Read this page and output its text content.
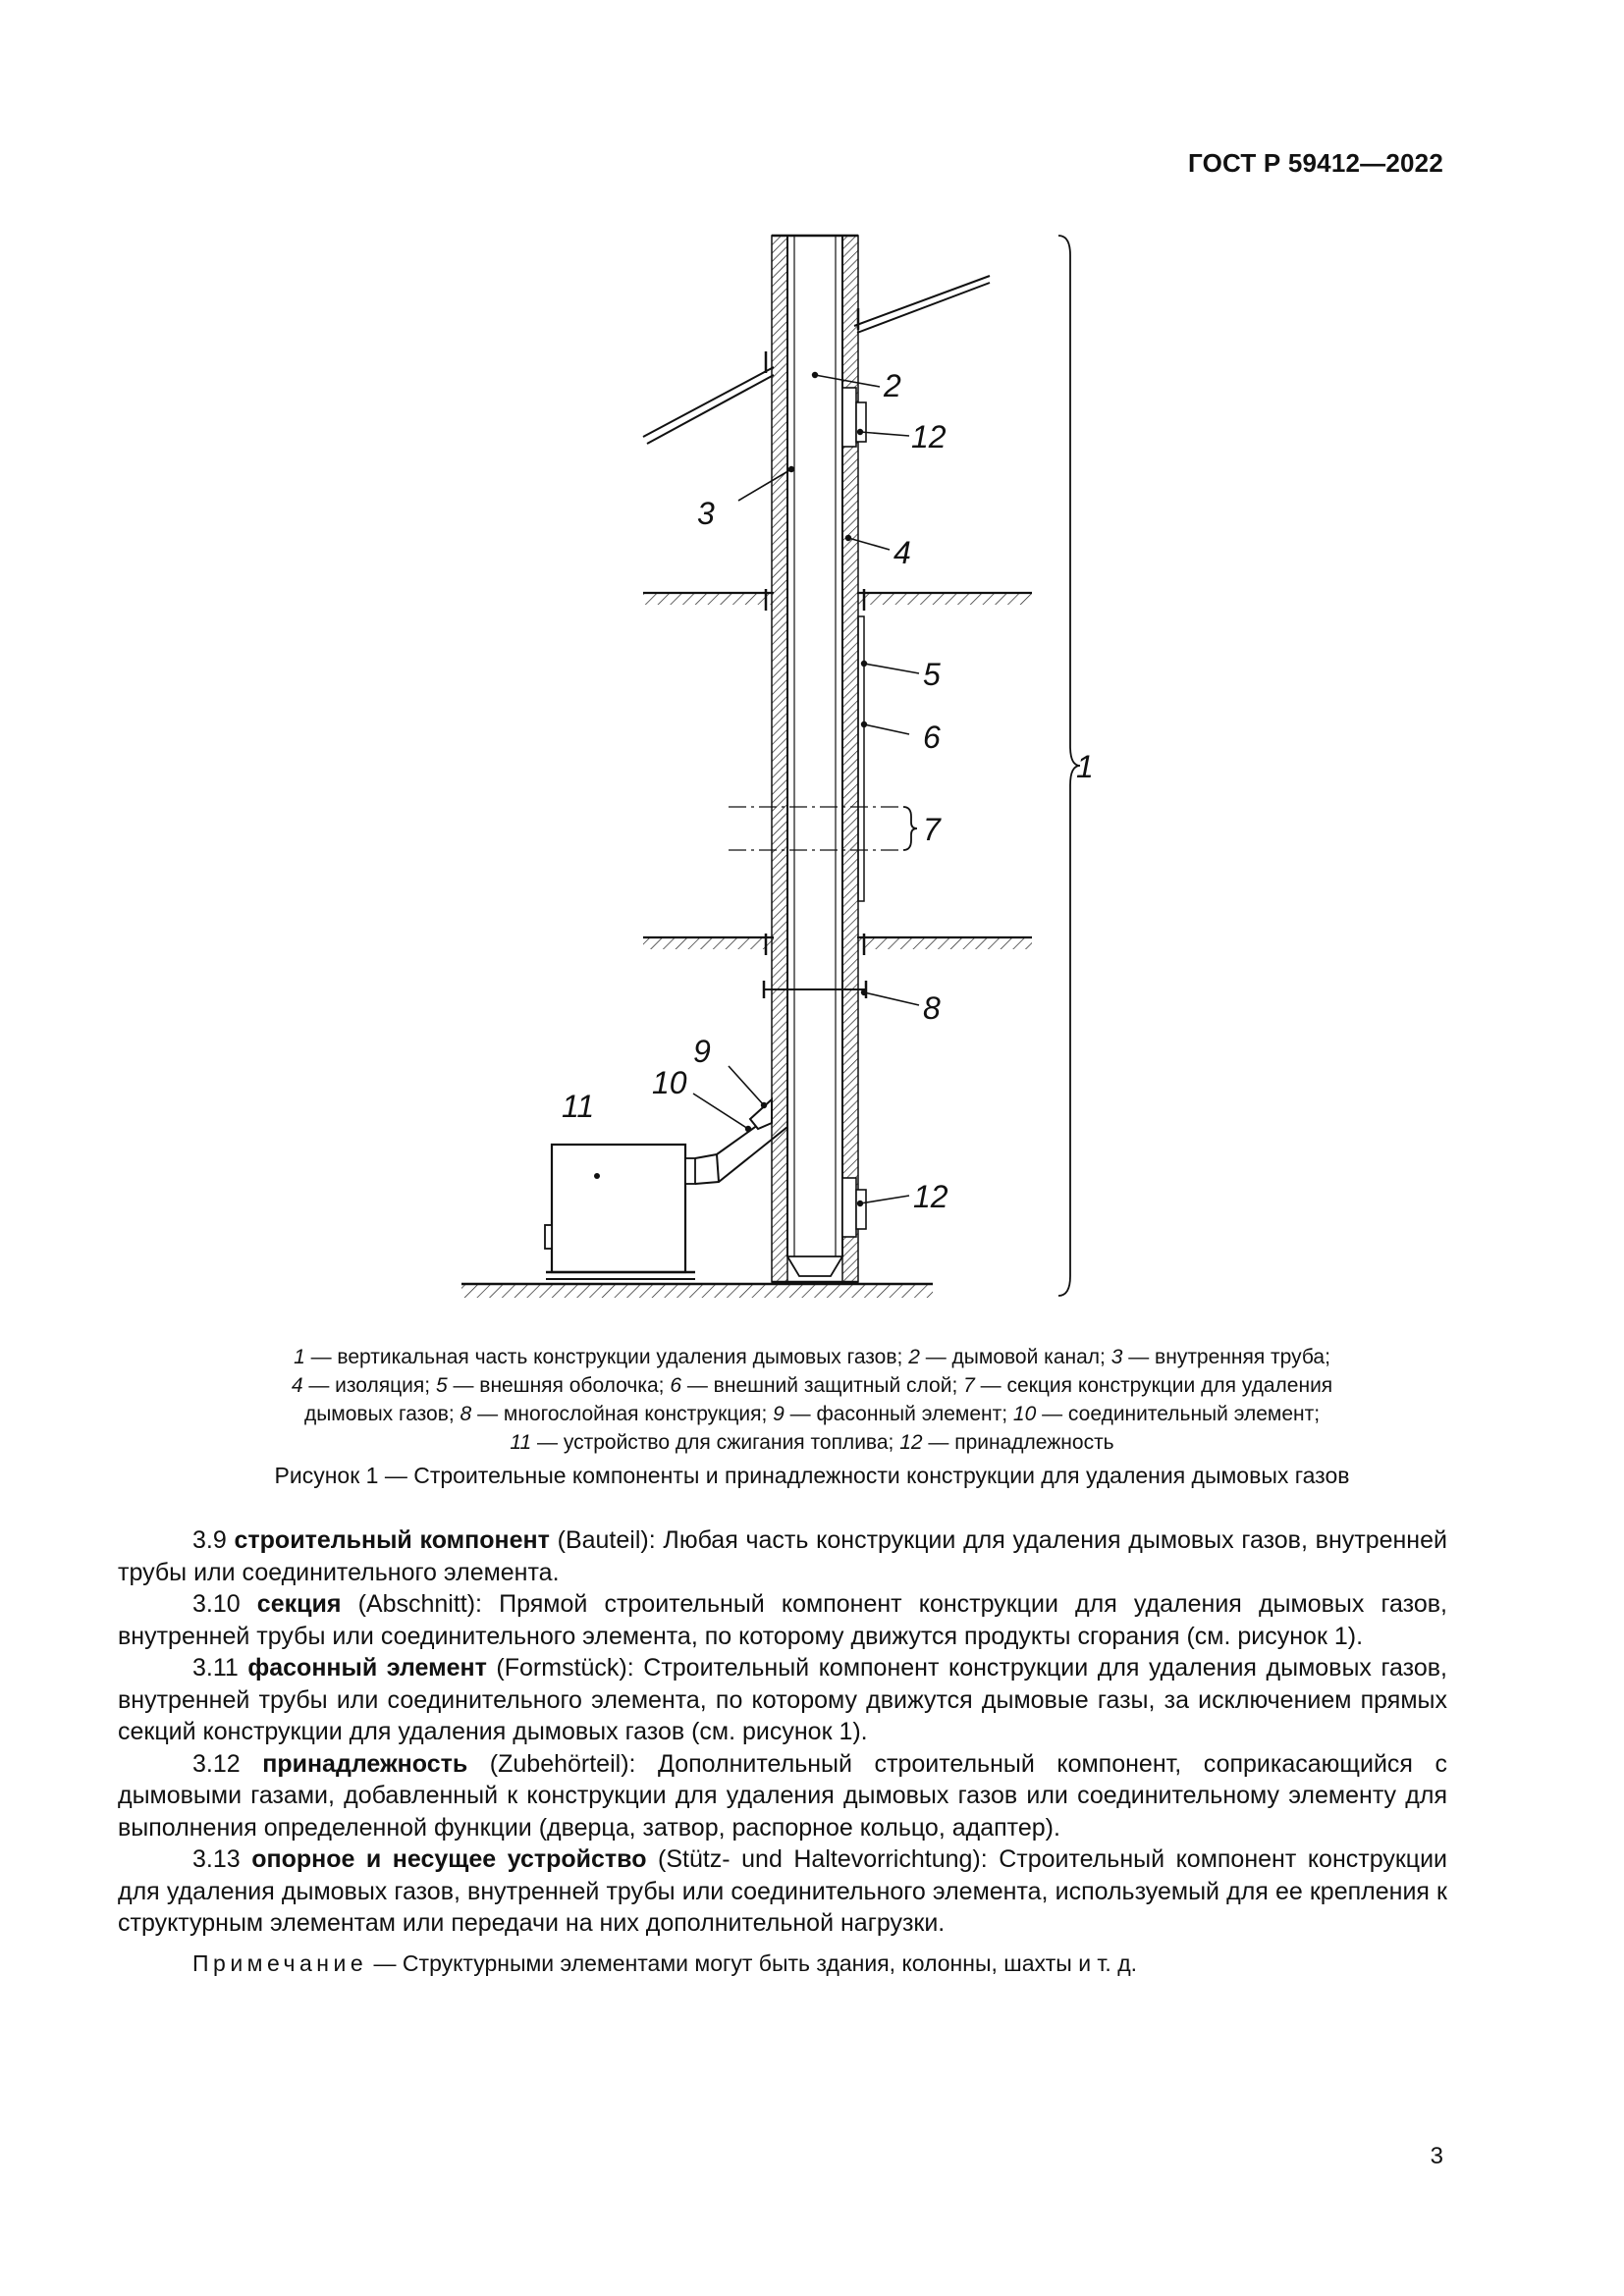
ГОСТ Р 59412—2022
1
2
12
3
4
5
6
7
8
9
10
11
12
1 — вертикальная часть конструкции удаления дымовых газов; 2 — дымовой канал; 3 — внутренняя труба;
4 — изоляция; 5 — внешняя оболочка; 6 — внешний защитный слой; 7 — секция конструкции для удаления
дымовых газов; 8 — многослойная конструкция; 9 — фасонный элемент; 10 — соединительный элемент;
11 — устройство для сжигания топлива; 12 — принадлежность
Рисунок 1 — Строительные компоненты и принадлежности конструкции для удаления дымовых газов

3.9 строительный компонент (Bauteil): Любая часть конструкции для удаления дымовых газов, внутренней трубы или соединительного элемента.

3.10 секция (Abschnitt): Прямой строительный компонент конструкции для удаления дымовых газов, внутренней трубы или соединительного элемента, по которому движутся продукты сгорания (см. рисунок 1).

3.11 фасонный элемент (Formstück): Строительный компонент конструкции для удаления дымовых газов, внутренней трубы или соединительного элемента, по которому движутся дымовые газы, за исключением прямых секций конструкции для удаления дымовых газов (см. рисунок 1).

3.12 принадлежность (Zubehörteil): Дополнительный строительный компонент, соприкасающийся с дымовыми газами, добавленный к конструкции для удаления дымовых газов или соединительному элементу для выполнения определенной функции (дверца, затвор, распорное кольцо, адаптер).

3.13 опорное и несущее устройство (Stütz- und Haltevorrichtung): Строительный компонент конструкции для удаления дымовых газов, внутренней трубы или соединительного элемента, используемый для ее крепления к структурным элементам или передачи на них дополнительной нагрузки.

Примечание — Структурными элементами могут быть здания, колонны, шахты и т. д.
3
